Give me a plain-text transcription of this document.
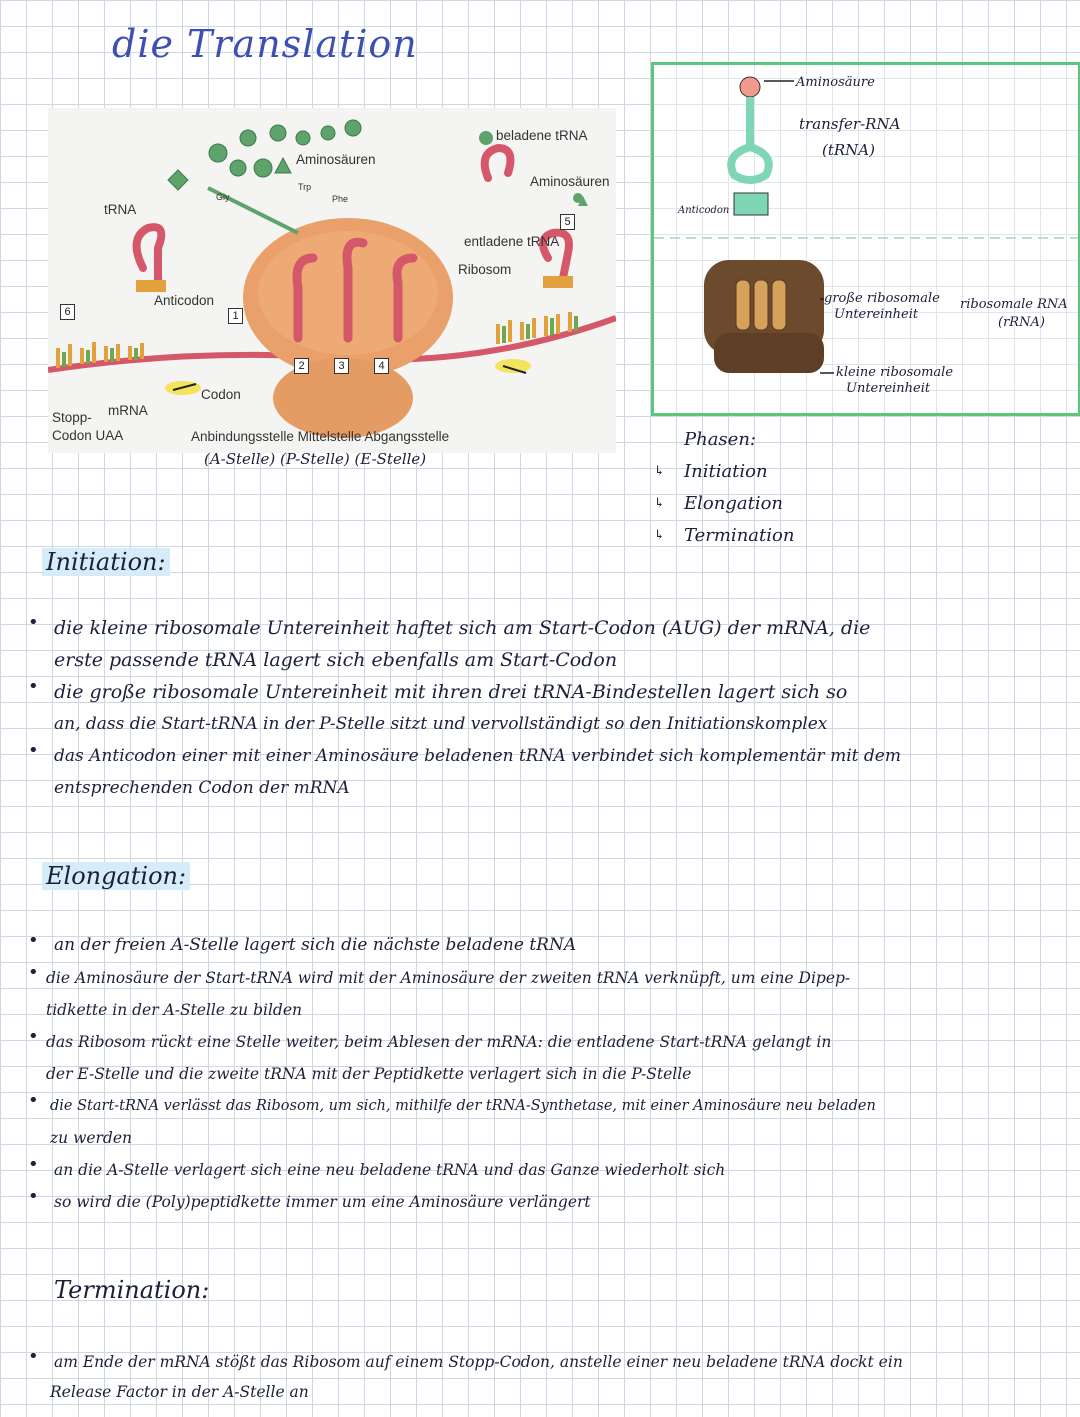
die Translation
tRNA
Aminosäuren
beladene tRNA
Aminosäuren
entladene tRNA
Ribosom
Anticodon
Codon
mRNA
Stopp-
Codon UAA	Anbindungsstelle Mittelstelle Abgangsstelle
Gly
Trp
Phe
1
2	3	4
5
6
(A-Stelle) (P-Stelle) (E-Stelle)
Aminosäure
transfer-RNA
(tRNA)
Anticodon
große ribosomale
Untereinheit
kleine ribosomale
Untereinheit
ribosomale RNA
(rRNA)
Phasen:
↳ Initiation
↳ Elongation
↳ Termination
Initiation:
•
•
•
die kleine ribosomale Untereinheit haftet sich am Start-Codon (AUG) der mRNA, die
erste passende tRNA lagert sich ebenfalls am Start-Codon
die große ribosomale Untereinheit mit ihren drei tRNA-Bindestellen lagert sich so
an, dass die Start-tRNA in der P-Stelle sitzt und vervollständigt so den Initiationskomplex
das Anticodon einer mit einer Aminosäure beladenen tRNA verbindet sich komplementär mit dem
entsprechenden Codon der mRNA
Elongation:
•
•
•
•
•
•
an der freien A-Stelle lagert sich die nächste beladene tRNA
die Aminosäure der Start-tRNA wird mit der Aminosäure der zweiten tRNA verknüpft, um eine Dipep-
tidkette in der A-Stelle zu bilden
das Ribosom rückt eine Stelle weiter, beim Ablesen der mRNA: die entladene Start-tRNA gelangt in
der E-Stelle und die zweite tRNA mit der Peptidkette verlagert sich in die P-Stelle
die Start-tRNA verlässt das Ribosom, um sich, mithilfe der tRNA-Synthetase, mit einer Aminosäure neu beladen
zu werden
an die A-Stelle verlagert sich eine neu beladene tRNA und das Ganze wiederholt sich
so wird die (Poly)peptidkette immer um eine Aminosäure verlängert
Termination:
• am Ende der mRNA stößt das Ribosom auf einem Stopp-Codon, anstelle einer neu beladene tRNA dockt ein
Release Factor in der A-Stelle an
